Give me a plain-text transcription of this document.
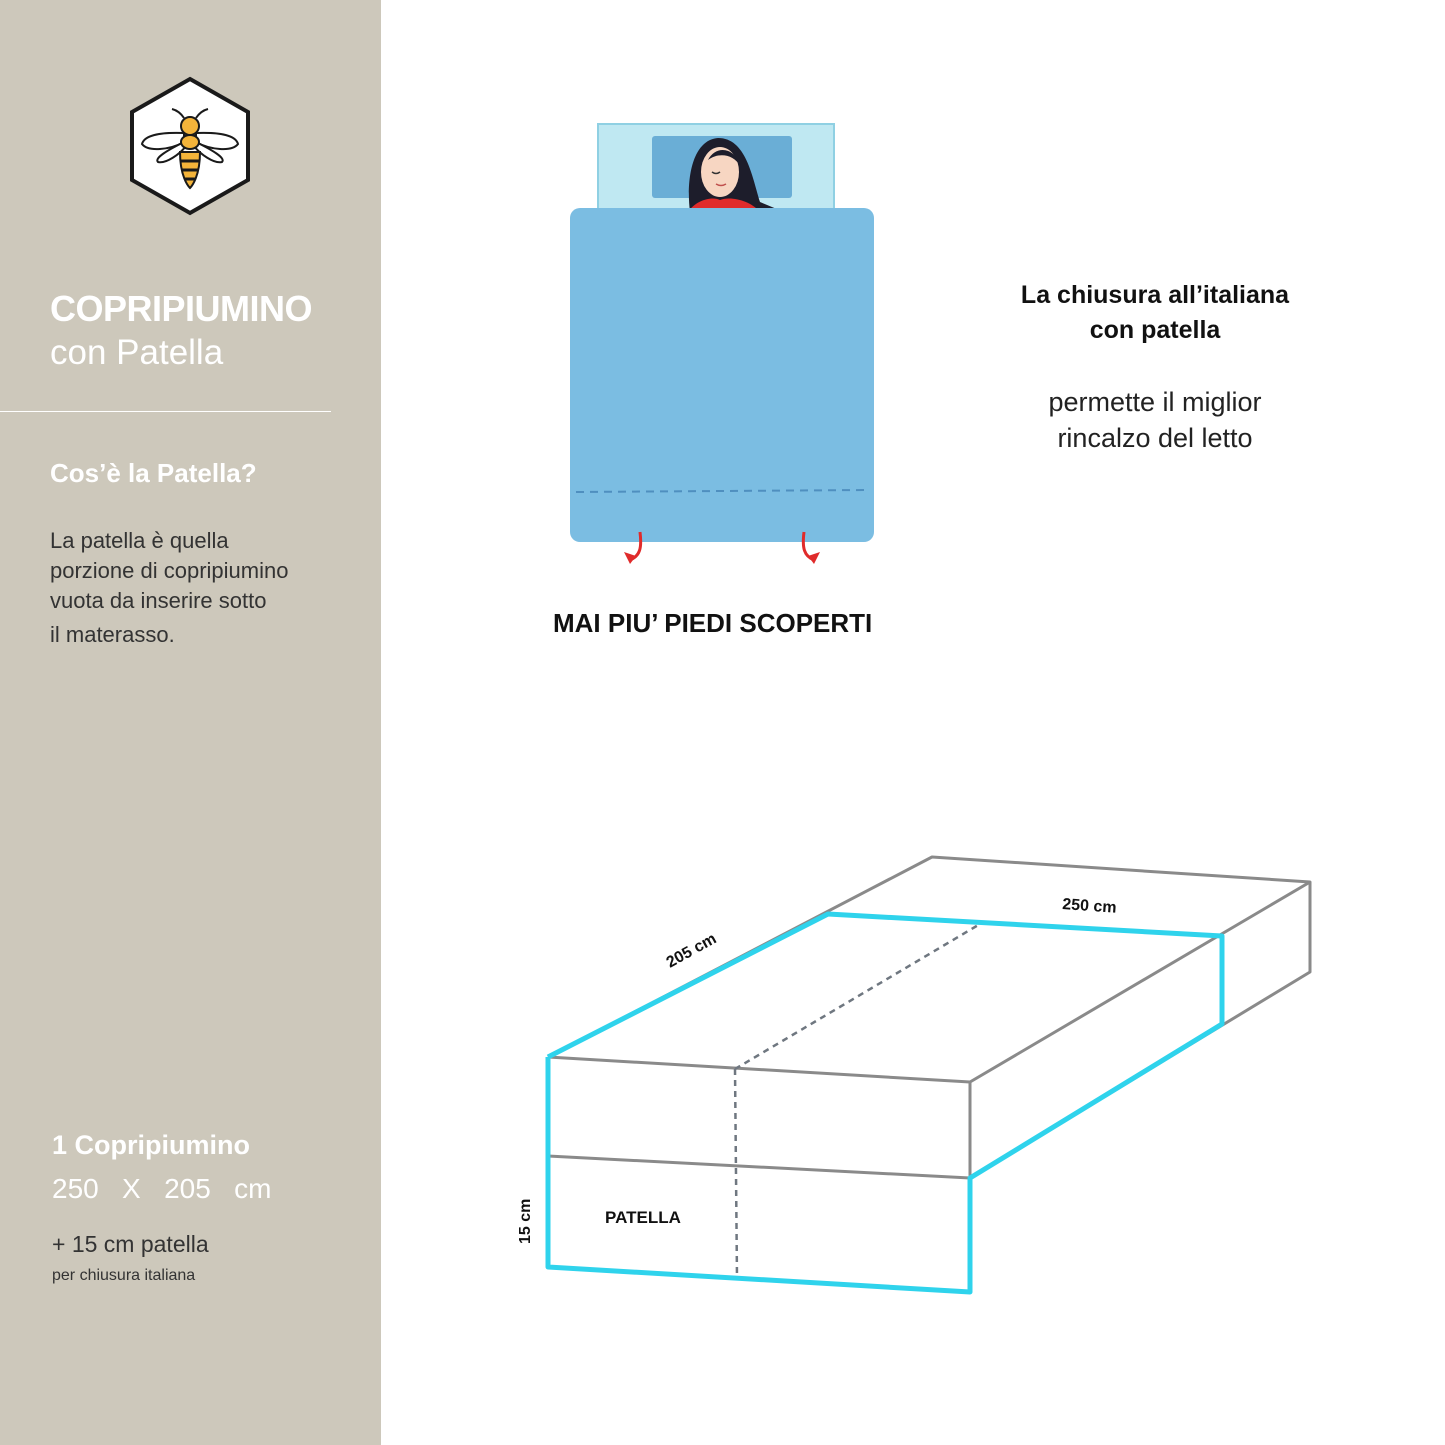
COPRIPIUMINO
con Patella
Cos’è la Patella?
La patella è quella
porzione di copripiumino
vuota da inserire sotto
il materasso.
1 Copripiumino
250   X   205   cm
+ 15 cm patella
per chiusura italiana
MAI PIU’ PIEDI SCOPERTI
La chiusura all’italiana
con patella
permette il miglior
rincalzo del letto
205 cm
250 cm
15 cm	PATELLA
